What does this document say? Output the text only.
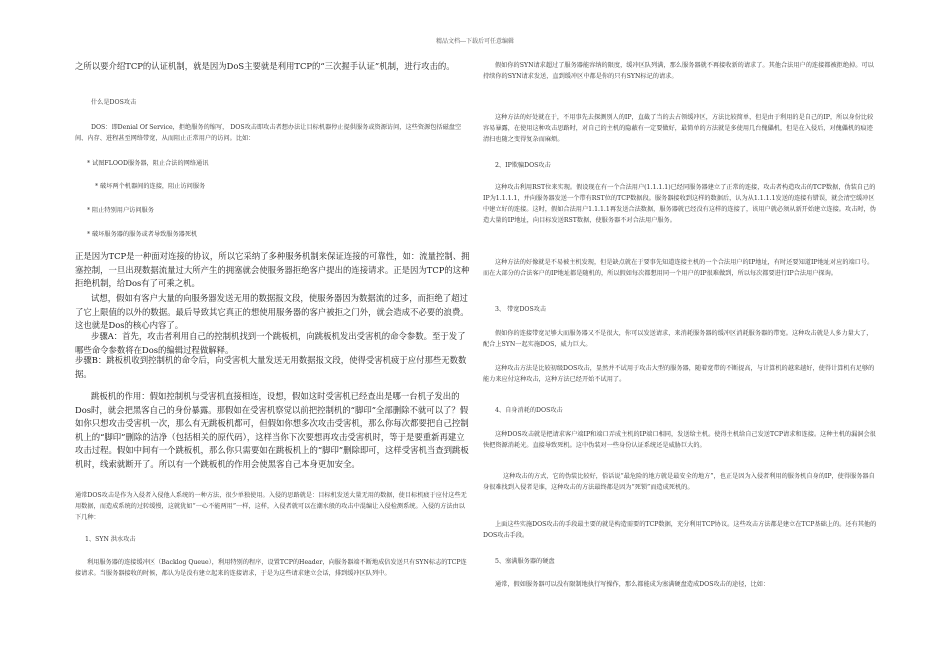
精品文档---下载后可任意编辑

之所以要介绍TCP的认证机制，就是因为DoS主要就是利用TCP的“三次握手认证”机制，进行攻击的。

什么是DOS攻击

DOS：即Denial Of Service，拒绝服务的缩写， DOS攻击即攻击者想办法让目标机器停止提供服务或资源访问，这些资源包括磁盘空间、内存、进程甚至网络带宽，从而阻止正常用户的访问。比如：

* 试图FLOOD服务器，阻止合法的网络通讯

* 破坏两个机器间的连接，阻止访问服务

* 阻止特别用户访问服务

* 破坏服务器的服务或者导致服务器死机

正是因为TCP是一种面对连接的协议，所以它采纳了多种服务机制来保证连接的可靠性，如：流量控制、拥塞控制，一旦出现数据流量过大所产生的拥塞就会使服务器拒绝客户提出的连接请求。正是因为TCP的这种拒绝机制，给Dos有了可乘之机。

试想，假如有客户大量的向服务器发送无用的数据报文段，使服务器因为数据流的过多，而拒绝了超过了它上限值的以外的数据。最后导致其它真正的想使用服务器的客户被拒之门外，就会造成不必要的浪费。这也就是Dos的核心内容了。

步骤A：首先，攻击者利用自己的控制机找到一个跳板机，向跳板机发出受害机的命令参数。至于发了哪些命令参数将在Dos的编辑过程做解释。

步骤B：跳板机收到控制机的命令后，向受害机大量发送无用数据报文段，使得受害机疲于应付那些无数数据。

跳板机的作用：假如控制机与受害机直接相连，设想，假如这时受害机已经查出是哪一台机子发出的Dos时，就会把黑客自己的身份暴露。那假如在受害机察觉以前把控制机的“脚印”全部删除不就可以了？假如你只想攻击受害机一次，那么有无跳板机都可，但假如你想多次攻击受害机，那么你每次都要把自己控制机上的“脚印”删除的洁净（包括相关的原代码），这样当你下次要想再攻击受害机时，等于是要重新再建立攻击过程。假如中间有一个跳板机，那么你只需要如在跳板机上的“脚印”删除即可，这样受害机当查到跳板机时，线索就断开了。所以有一个跳板机的作用会使黑客自己本身更加安全。

通常DOS攻击是作为入侵者入侵他人系统的一种方法，很少单独使用。入侵的思路就是：目标机发送大量无用的数据，使目标机疲于应付这些无用数据，而造成系统的过转缓慢，这就犹如“一心不能两用”一样，这样，入侵者就可以在潮水般的攻击中混编让入侵检测系统。入侵的方法由以下几种：

1、SYN 洪水攻击

利用服务器的连接缓冲区（Backlog Queue），利用特别的程序，设置TCP的Header，向服务器端不断地成倍发送只有SYN标志的TCP连接请求。当服务器接收的时候，都认为是没有建立起来的连接请求，于是为这些请求建立会话，排到缓冲区队列中。

假如你的SYN请求超过了服务器能容纳的限度，缓冲区队列满，那么服务器就不再接收新的请求了。其他合法用户的连接都被拒绝掉。可以持续你的SYN请求发送，直到缓冲区中都是你的只有SYN标记的请求。

这种方法的好处就在于，不用事先去探测别人的IP，直截了当的去占领缓冲区，方法比较简单，但是由于利用的是自己的IP，所以身份比较容易暴露，在使用这种攻击思路时，对自己的主机的隐蔽有一定要做好，最简单的方法就是多使用几台傀儡机，但是在入侵后，对傀儡机的痕迹清扫也随之变得复杂而麻烦。

2、IP欺骗DOS攻击

这种攻击利用RST位来实现。假设现在有一个合法用户(1.1.1.1)已经同服务器建立了正常的连接，攻击者构造攻击的TCP数据，伪装自己的IP为1.1.1.1，并向服务器发送一个带有RST位的TCP数据段。服务器接收到这样的数据后，认为从1.1.1.1发送的连接有错误，就会清空缓冲区中建立好的连接。这时，假如合法用户1.1.1.1再发送合法数据，服务器就已经没有这样的连接了，该用户就必须从新开始建立连接。攻击时，伪造大量的IP地址，向目标发送RST数据，使服务器不对合法用户服务。

这种方法的好像就是不易被主机发现，但是缺点就在于要事先知道连接主机的一个合法用户的IP地址，有时还要知道IP地址对应的端口号。而在大部分的合法客户的IP地址都是随机的，所以假如每次都想用同一个用户的IP很难做到，所以每次都要进行IP合法用户探询。

3、 带宽DOS攻击

假如你的连接带宽足够大而服务器又不是很大，你可以发送请求，来消耗服务器的缓冲区消耗服务器的带宽。这种攻击就是人多力量大了，配合上SYN一起实施DOS，威力巨大。

这种攻击方法是比较初级DOS攻击，显然并不试用于攻击大型的服务器，随着宽带的不断提高，与计算机的越来越好，使得计算机有足够的能力来应付这种攻击，这种方法已经开始不试用了。

4、自身消耗的DOS攻击

这种DOS攻击就是把请求客户端IP和端口弄成主机的IP端口相同，发送给主机。使得主机给自己发送TCP请求和连接。这种主机的漏洞会很快把资源消耗光。直接导致死机。这中伪装对一些身份认证系统还是威胁巨大的。

这种攻击的方式，它的伪装比较好，俗话说“最危险的地方就是最安全的地方”，也正是因为入侵者利用的服务机自身的IP，使得服务器自身很难找到入侵者是谁，这种攻击的方法最终都是因为“死锁”而造成死机的。

上面这些实施DOS攻击的手段最主要的就是构造需要的TCP数据，充分利用TCP协议。这些攻击方法都是建立在TCP基础上的。还有其他的DOS攻击手段。

5、塞满服务器的硬盘

通常，假如服务器可以没有限制地执行写操作，那么都能成为塞满硬盘造成DOS攻击的途径，比如：
